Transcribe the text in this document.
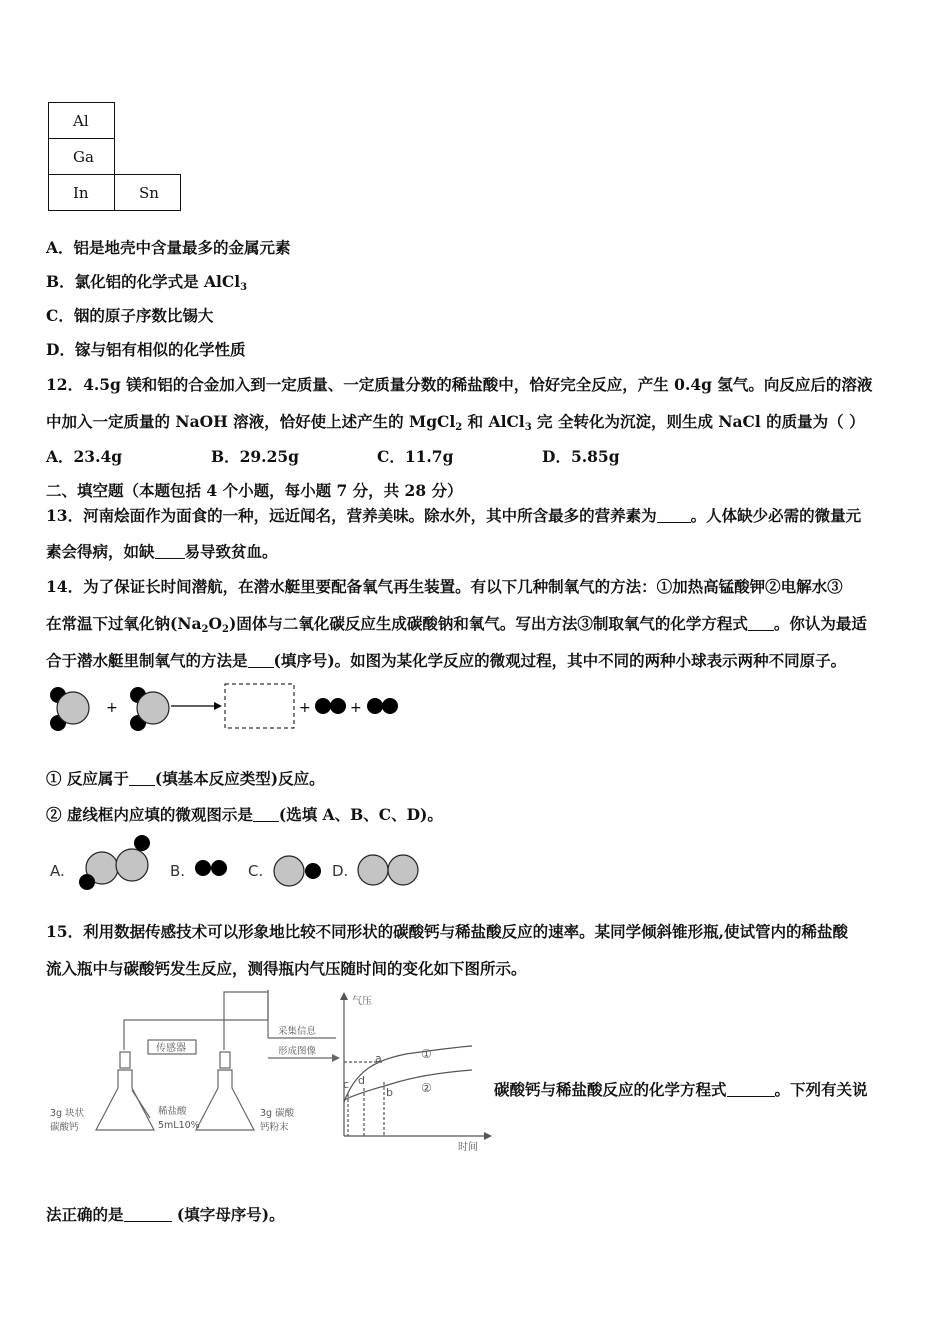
Al	
Ga	
In	Sn
A．铝是地壳中含量最多的金属元素
B．氯化铝的化学式是 AlCl$_3$
C．铟的原子序数比锡大
D．镓与铝有相似的化学性质
12．4.5g 镁和铝的合金加入到一定质量、一定质量分数的稀盐酸中，恰好完全反应，产生 0.4g 氢气。向反应后的溶液
中加入一定质量的 NaOH 溶液，恰好使上述产生的 MgCl$_2$ 和 AlCl$_3$ 完 全转化为沉淀，则生成 NaCl 的质量为（ ）
A．23.4g	B．29.25g	C．11.7g	D．5.85g
二、填空题（本题包括 4 个小题，每小题 7 分，共 28 分）
13．河南烩面作为面食的一种，远近闻名，营养美味。除水外，其中所含最多的营养素为 。人体缺少必需的微量元
素会得病，如缺 易导致贫血。
14．为了保证长时间潜航，在潜水艇里要配备氧气再生装置。有以下几种制氧气的方法：①加热高锰酸钾②电解水③
在常温下过氧化钠$(Na_2O_2)$固体与二氧化碳反应生成碳酸钠和氧气。写出方法③制取氧气的化学方程式 。你认为最适
合于潜水艇里制氧气的方法是 (填序号)。如图为某化学反应的微观过程，其中不同的两种小球表示两种不同原子。
+	+	+
① 反应属于 (填基本反应类型)反应。
② 虚线框内应填的微观图示是 (选填 A、B、C、D)。
A.	B.	C.	D.
15．利用数据传感技术可以形象地比较不同形状的碳酸钙与稀盐酸反应的速率。某同学倾斜锥形瓶,使试管内的稀盐酸
流入瓶中与碳酸钙发生反应，测得瓶内气压随时间的变化如下图所示。
传感器
采集信息
形成图像
3g 块状
碳酸钙
稀盐酸
5mL10%
3g 碳酸
钙粉末
气压
时间
a
b
c d
①
②	碳酸钙与稀盐酸反应的化学方程式	。下列有关说
法正确的是	(填字母序号)。
